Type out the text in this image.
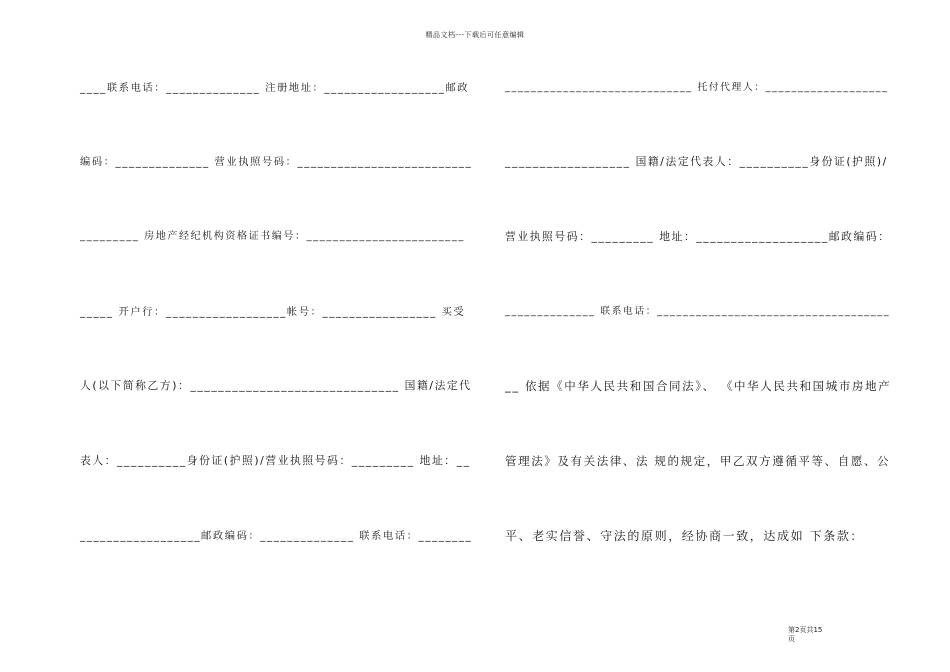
精品文档---下载后可任意编辑
____联系电话：______________ 注册地址：__________________邮政
编码：______________ 营业执照号码：__________________________
_________ 房地产经纪机构资格证书编号：________________________
_____ 开户行：__________________帐号：_________________ 买受
人(以下简称乙方)：______________________________ 国籍/法定代
表人：__________身份证(护照)/营业执照号码：_________ 地址：__
__________________邮政编码：______________ 联系电话：________
_____________________________ 托付代理人：___________________
__________________ 国籍/法定代表人：__________身份证(护照)/
营业执照号码：_________ 地址：___________________邮政编码：
______________ 联系电话：____________________________________
__ 依据《中华人民共和国合同法》、 《中华人民共和国城市房地产
管理法》及有关法律、法 规的规定，甲乙双方遵循平等、自愿、公
平、老实信誉、守法的原则，经协商一致，达成如 下条款：
第2页共15
页
